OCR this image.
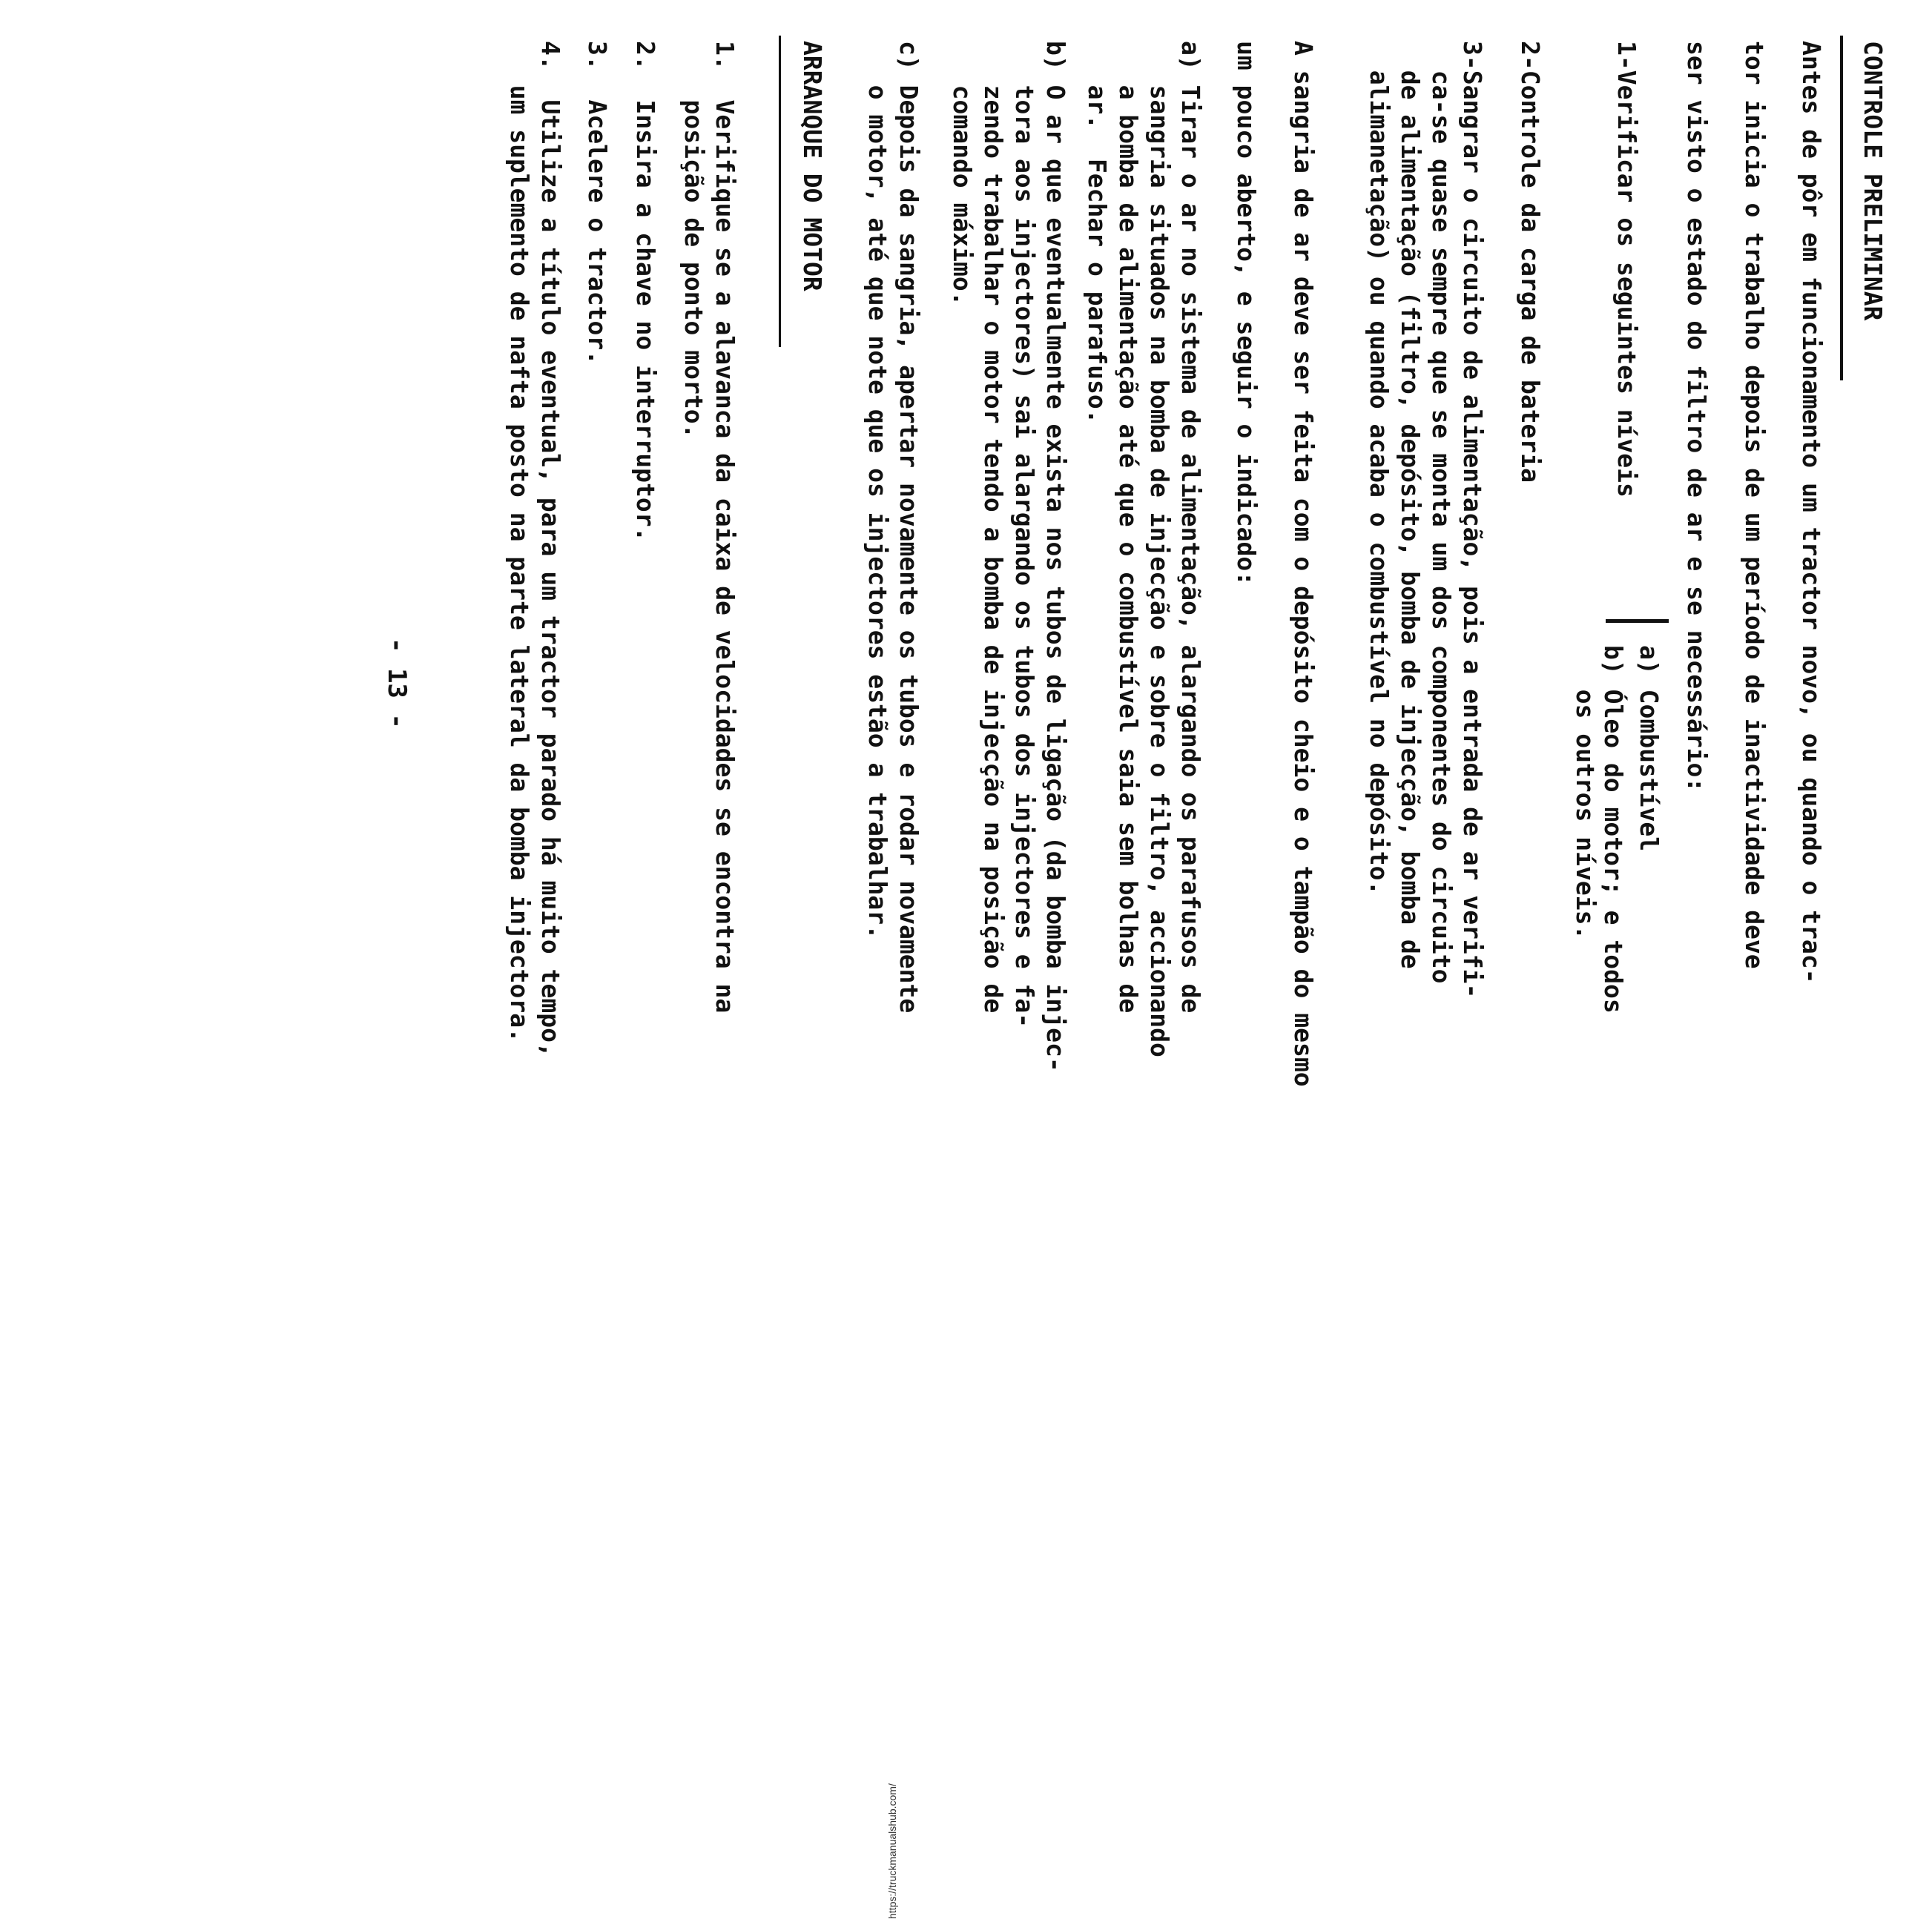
https://truckmanualshub.com/
CONTROLE PRELIMINAR
Antes de pôr em funcionamento um tractor novo, ou quando o trac-
tor inicia o trabalho depois de um período de inactividade deve
ser visto o estado do filtro de ar e se necessário:
1-Verificar os seguintes níveis
a) Combustível
b) Óleo do motor; e todos
os outros níveis.
2-Controle da carga de bateria
3-Sangrar o circuito de alimentação, pois a entrada de ar verifi-
ca-se quase sempre que se monta um dos componentes do circuito
de alimentação (filtro, depósito, bomba de injecção, bomba de
alimanetação) ou quando acaba o combustível no depósito.
A sangria de ar deve ser feita com o depósito cheio e o tampão do mesmo
um pouco aberto, e seguir o indicado:
a) Tirar o ar no sistema de alimentação, alargando os parafusos de
sangria situados na bomba de injecção e sobre o filtro, accionando
a bomba de alimentação até que o combustível saia sem bolhas de
ar.  Fechar o parafuso.
b) O ar que eventualmente exista nos tubos de ligação (da bomba injec-
tora aos injectores) sai alargando os tubos dos injectores e fa-
zendo trabalhar o motor tendo a bomba de injecção na posição de
comando máximo.
c) Depois da sangria, apertar novamente os tubos e rodar novamente
o motor, até que note que os injectores estão a trabalhar.
ARRANQUE DO MOTOR
1.  Verifique se a alavanca da caixa de velocidades se encontra na
posição de ponto morto.
2.  Insira a chave no interruptor.
3.  Acelere o tractor.
4.  Utilize a título eventual, para um tractor parado há muito tempo,
um suplemento de nafta posto na parte lateral da bomba injectora.
- 13 -
